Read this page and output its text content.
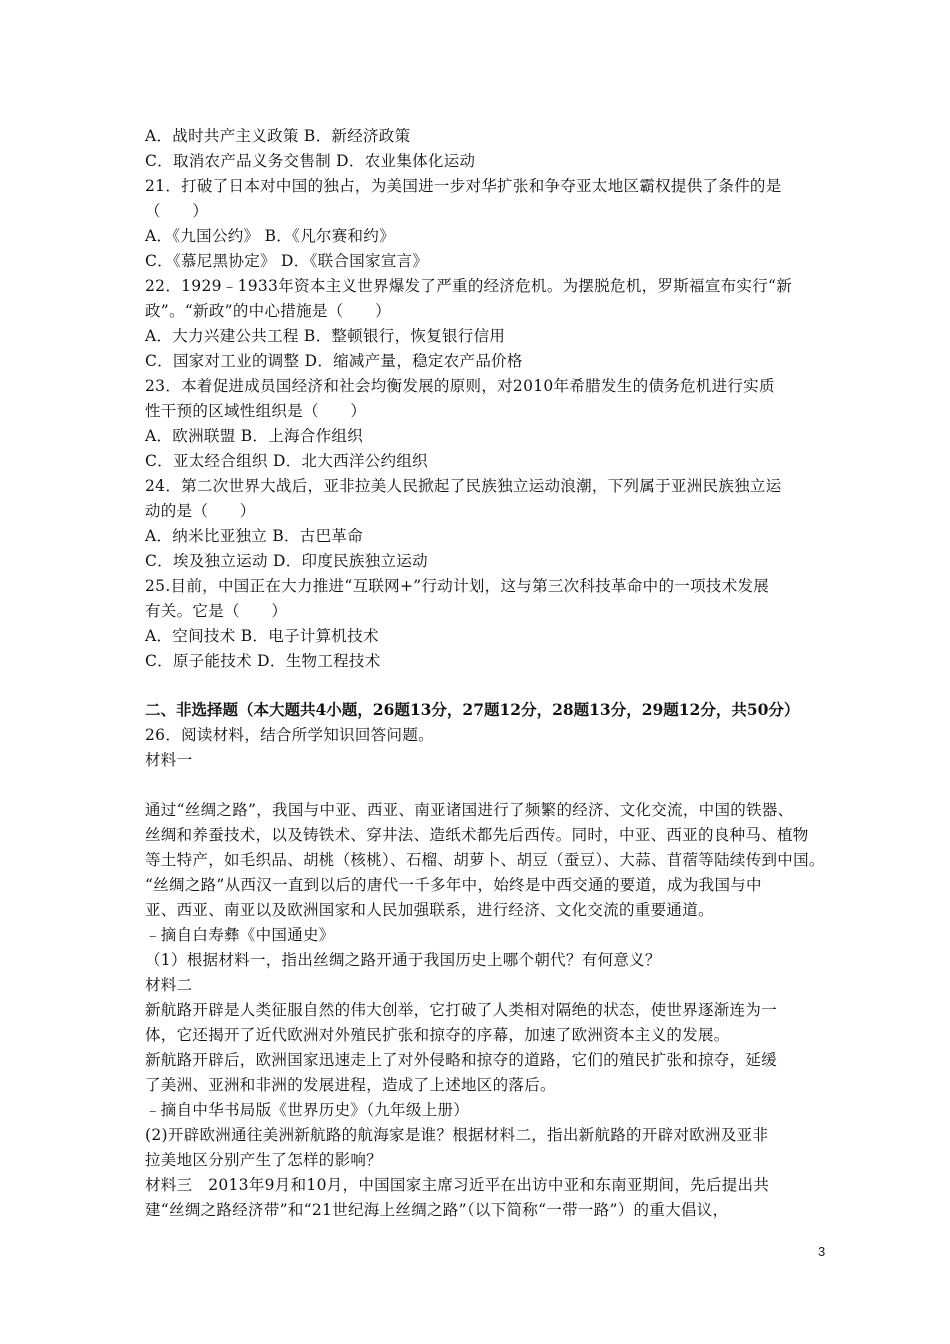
A．战时共产主义政策 B．新经济政策
C．取消农产品义务交售制 D．农业集体化运动
21．打破了日本对中国的独占，为美国进一步对华扩张和争夺亚太地区霸权提供了条件的是
（　　）
A．《九国公约》 B．《凡尔赛和约》
C．《慕尼黑协定》 D．《联合国家宣言》
22．1929﹣1933年资本主义世界爆发了严重的经济危机。为摆脱危机，罗斯福宣布实行“新
政”。“新政”的中心措施是（　　）
A．大力兴建公共工程 B．整顿银行，恢复银行信用
C．国家对工业的调整 D．缩减产量，稳定农产品价格
23．本着促进成员国经济和社会均衡发展的原则，对2010年希腊发生的债务危机进行实质
性干预的区域性组织是（　　）
A．欧洲联盟 B．上海合作组织
C．亚太经合组织 D．北大西洋公约组织
24．第二次世界大战后，亚非拉美人民掀起了民族独立运动浪潮，下列属于亚洲民族独立运
动的是（　　）
A．纳米比亚独立 B．古巴革命
C．埃及独立运动 D．印度民族独立运动
25.目前，中国正在大力推进“互联网+”行动计划，这与第三次科技革命中的一项技术发展
有关。它是（　　）
A．空间技术 B．电子计算机技术
C．原子能技术 D．生物工程技术
二、非选择题（本大题共4小题，26题13分，27题12分，28题13分，29题12分，共50分）
26．阅读材料，结合所学知识回答问题。
材料一
通过“丝绸之路”，我国与中亚、西亚、南亚诸国进行了频繁的经济、文化交流，中国的铁器、
丝绸和养蚕技术，以及铸铁术、穿井法、造纸术都先后西传。同时，中亚、西亚的良种马、植物
等土特产，如毛织品、胡桃（核桃）、石榴、胡萝卜、胡豆（蚕豆）、大蒜、苜蓿等陆续传到中国。
“丝绸之路”从西汉一直到以后的唐代一千多年中，始终是中西交通的要道，成为我国与中
亚、西亚、南亚以及欧洲国家和人民加强联系，进行经济、文化交流的重要通道。
﹣摘自白寿彝《中国通史》
（1）根据材料一，指出丝绸之路开通于我国历史上哪个朝代？有何意义？
材料二
新航路开辟是人类征服自然的伟大创举，它打破了人类相对隔绝的状态，使世界逐渐连为一
体，它还揭开了近代欧洲对外殖民扩张和掠夺的序幕，加速了欧洲资本主义的发展。
新航路开辟后，欧洲国家迅速走上了对外侵略和掠夺的道路，它们的殖民扩张和掠夺，延缓
了美洲、亚洲和非洲的发展进程，造成了上述地区的落后。
﹣摘自中华书局版《世界历史》（九年级上册）
(2)开辟欧洲通往美洲新航路的航海家是谁？根据材料二，指出新航路的开辟对欧洲及亚非
拉美地区分别产生了怎样的影响？
材料三　2013年9月和10月，中国国家主席习近平在出访中亚和东南亚期间，先后提出共
建“丝绸之路经济带”和“21世纪海上丝绸之路”（以下简称“一带一路”）的重大倡议，
3
